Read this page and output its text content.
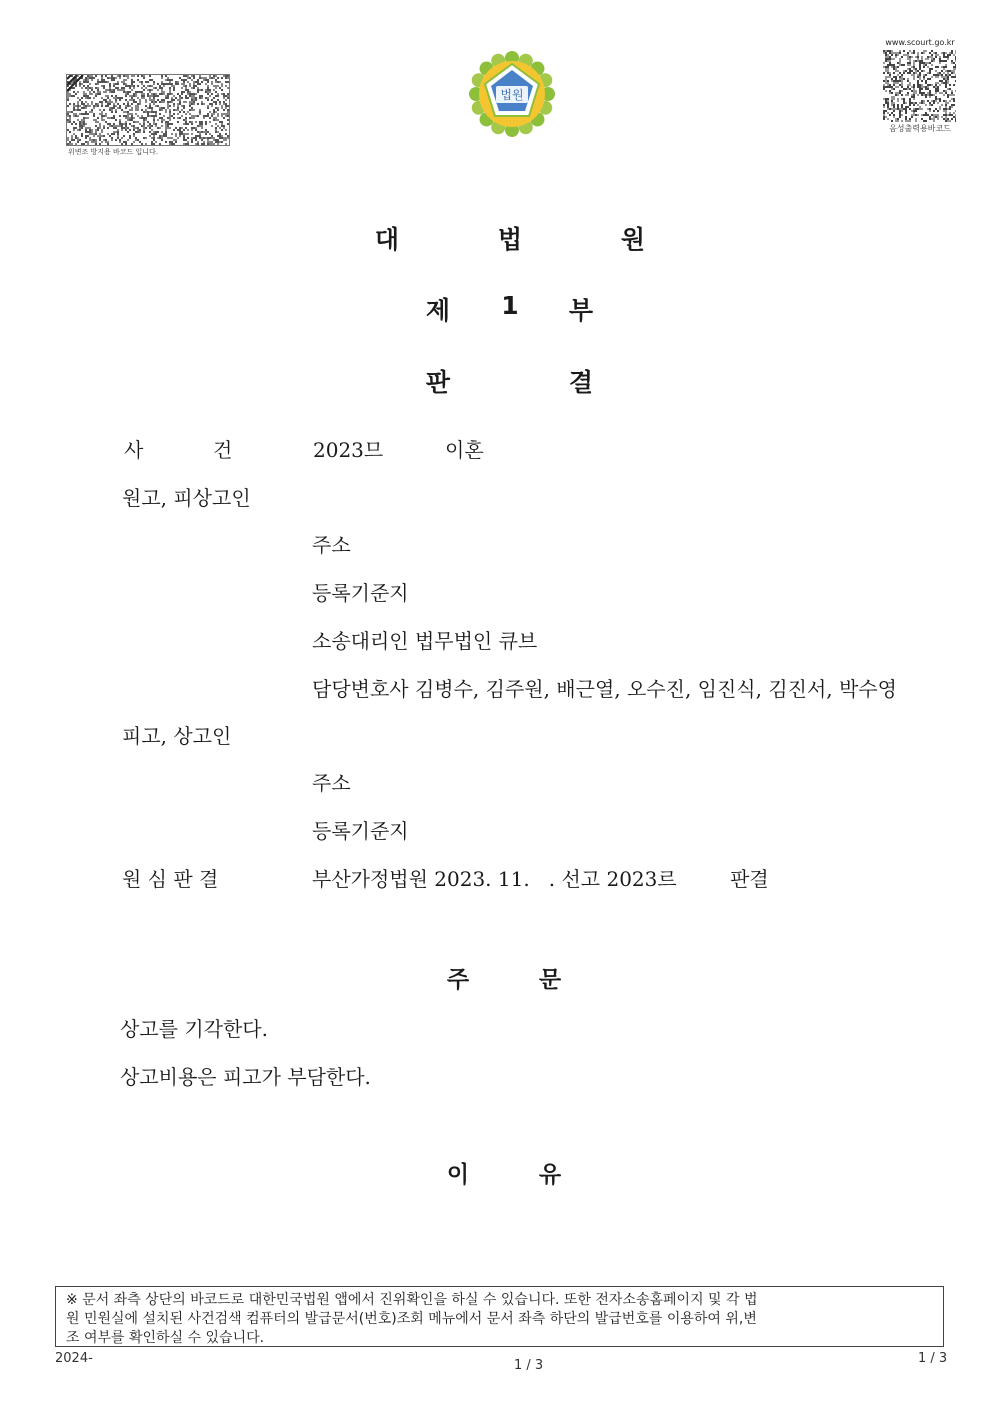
위변조 방지용 바코드 입니다.
법원
www.scourt.go.kr
음성출력용바코드
대	법	원
제 1 부
판	결
사	건	2023므	이혼
원고, 피상고인
주소
등록기준지
소송대리인 법무법인 큐브
담당변호사 김병수, 김주원, 배근열, 오수진, 임진식, 김진서, 박수영
피고, 상고인
주소
등록기준지
원 심 판 결	부산가정법원 2023. 11.   . 선고 2023르	판결
주	문
상고를 기각한다.
상고비용은 피고가 부담한다.
이	유
※ 문서 좌측 상단의 바코드로 대한민국법원 앱에서 진위확인을 하실 수 있습니다. 또한 전자소송홈페이지 및 각 법
원 민원실에 설치된 사건검색 컴퓨터의 발급문서(번호)조회 메뉴에서 문서 좌측 하단의 발급번호를 이용하여 위,변
조 여부를 확인하실 수 있습니다.
2024-	1 / 3	1 / 3
